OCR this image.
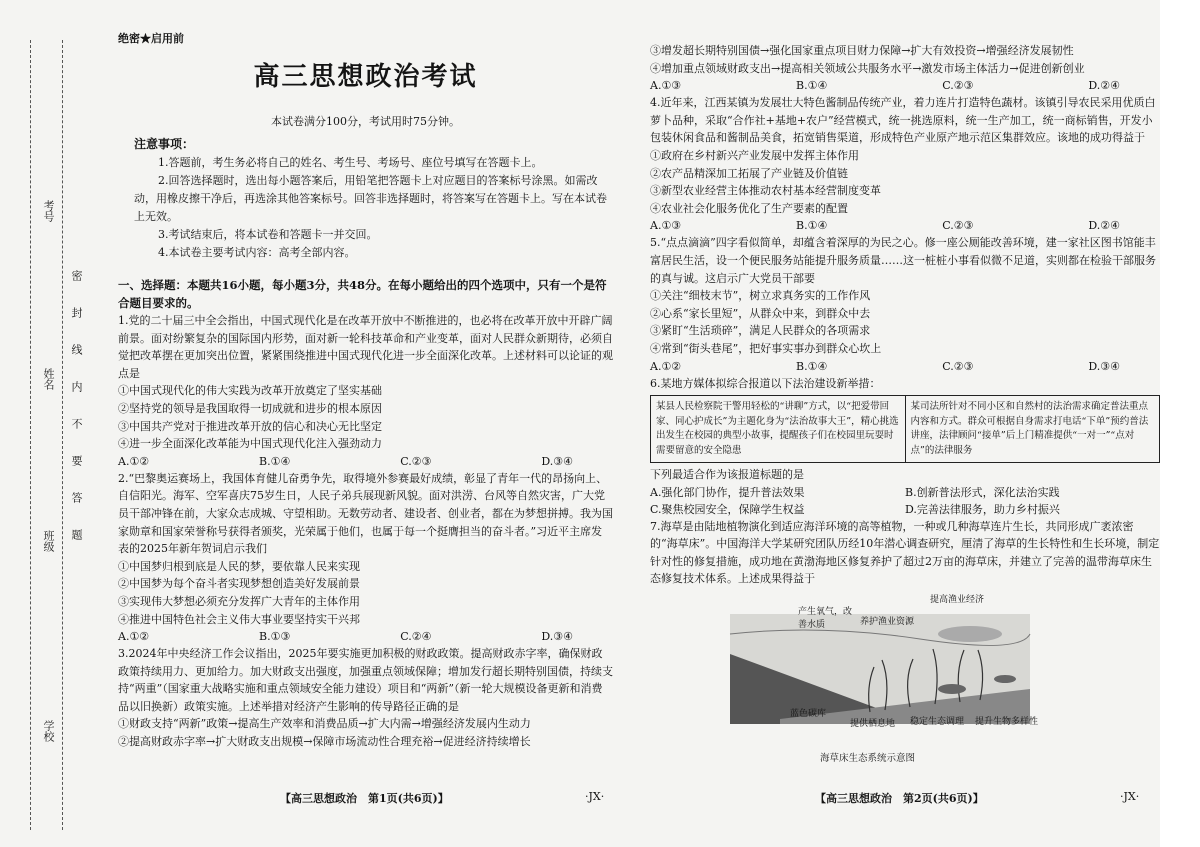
考号
姓名
班级
学校
密封线内不要答题
绝密★启用前
高三思想政治考试
本试卷满分100分，考试用时75分钟。
注意事项：
1.答题前，考生务必将自己的姓名、考生号、考场号、座位号填写在答题卡上。
2.回答选择题时，选出每小题答案后，用铅笔把答题卡上对应题目的答案标号涂黑。如需改动，用橡皮擦干净后，再选涂其他答案标号。回答非选择题时，将答案写在答题卡上。写在本试卷上无效。
3.考试结束后，将本试卷和答题卡一并交回。
4.本试卷主要考试内容：高考全部内容。
一、选择题：本题共16小题，每小题3分，共48分。在每小题给出的四个选项中，只有一个是符合题目要求的。
1.党的二十届三中全会指出，中国式现代化是在改革开放中不断推进的，也必将在改革开放中开辟广阔前景。面对纷繁复杂的国际国内形势，面对新一轮科技革命和产业变革，面对人民群众新期待，必须自觉把改革摆在更加突出位置，紧紧围绕推进中国式现代化进一步全面深化改革。上述材料可以论证的观点是
①中国式现代化的伟大实践为改革开放奠定了坚实基础
②坚持党的领导是我国取得一切成就和进步的根本原因
③中国共产党对于推进改革开放的信心和决心无比坚定
④进一步全面深化改革能为中国式现代化注入强劲动力
A.①②	B.①④	C.②③	D.③④
2.“巴黎奥运赛场上，我国体育健儿奋勇争先，取得境外参赛最好成绩，彰显了青年一代的昂扬向上、自信阳光。海军、空军喜庆75岁生日，人民子弟兵展现新风貌。面对洪涝、台风等自然灾害，广大党员干部冲锋在前，大家众志成城、守望相助。无数劳动者、建设者、创业者，都在为梦想拼搏。我为国家勋章和国家荣誉称号获得者颁奖，光荣属于他们，也属于每一个挺膺担当的奋斗者。”习近平主席发表的2025年新年贺词启示我们
①中国梦归根到底是人民的梦，要依靠人民来实现
②中国梦为每个奋斗者实现梦想创造美好发展前景
③实现伟大梦想必须充分发挥广大青年的主体作用
④推进中国特色社会主义伟大事业要坚持实干兴邦
A.①②	B.①③	C.②④	D.③④
3.2024年中央经济工作会议指出，2025年要实施更加积极的财政政策。提高财政赤字率，确保财政政策持续用力、更加给力。加大财政支出强度，加强重点领域保障；增加发行超长期特别国债，持续支持“两重”（国家重大战略实施和重点领域安全能力建设）项目和“两新”（新一轮大规模设备更新和消费品以旧换新）政策实施。上述举措对经济产生影响的传导路径正确的是
①财政支持“两新”政策→提高生产效率和消费品质→扩大内需→增强经济发展内生动力
②提高财政赤字率→扩大财政支出规模→保障市场流动性合理充裕→促进经济持续增长
【高三思想政治　第1页(共6页)】	·JX·
③增发超长期特别国债→强化国家重点项目财力保障→扩大有效投资→增强经济发展韧性
④增加重点领域财政支出→提高相关领域公共服务水平→激发市场主体活力→促进创新创业
A.①③	B.①④	C.②③	D.②④
4.近年来，江西某镇为发展壮大特色酱制品传统产业，着力连片打造特色蔬材。该镇引导农民采用优质白萝卜品种，采取“合作社+基地+农户”经营模式，统一挑选原料，统一生产加工，统一商标销售，开发小包装休闲食品和酱制品美食，拓宽销售渠道，形成特色产业原产地示范区集群效应。该地的成功得益于
①政府在乡村新兴产业发展中发挥主体作用
②农产品精深加工拓展了产业链及价值链
③新型农业经营主体推动农村基本经营制度变革
④农业社会化服务优化了生产要素的配置
A.①③	B.①④	C.②③	D.②④
5.“点点滴滴”四字看似简单，却蕴含着深厚的为民之心。修一座公厕能改善环境，建一家社区图书馆能丰富居民生活，设一个便民服务站能提升服务质量……这一桩桩小事看似微不足道，实则都在检验干部服务的真与诚。这启示广大党员干部要
①关注“细枝末节”，树立求真务实的工作作风
②心系“家长里短”，从群众中来，到群众中去
③紧盯“生活琐碎”，满足人民群众的各项需求
④常到“街头巷尾”，把好事实事办到群众心坎上
A.①②	B.①④	C.②③	D.③④
6.某地方媒体拟综合报道以下法治建设新举措：
某县人民检察院干警用轻松的“讲聊”方式，以“把爱带回家、同心护成长”为主题化身为“法治故事大王”，精心挑选出发生在校园的典型小故事，提醒孩子们在校园里玩耍时需要留意的安全隐患	某司法所针对不同小区和自然村的法治需求确定普法重点内容和方式。群众可根据自身需求打电话“下单”预约普法讲座，法律顾问“接单”后上门精准提供“一对一”“点对点”的法律服务
下列最适合作为该报道标题的是
A.强化部门协作，提升普法效果	B.创新普法形式，深化法治实践
C.聚焦校园安全，保障学生权益	D.完善法律服务，助力乡村振兴
7.海草是由陆地植物演化到适应海洋环境的高等植物，一种或几种海草连片生长，共同形成广袤浓密的“海草床”。中国海洋大学某研究团队历经10年潜心调查研究，厘清了海草的生长特性和生长环境，制定针对性的修复措施，成功地在黄渤海地区修复养护了超过2万亩的海草床，并建立了完善的温带海草床生态修复技术体系。上述成果得益于
提高渔业经济
产生氧气，改善水质	养护渔业资源
蓝色碳库
提供栖息地 稳定生态调理 提升生物多样性
海草床生态系统示意图
【高三思想政治　第2页(共6页)】	·JX·
